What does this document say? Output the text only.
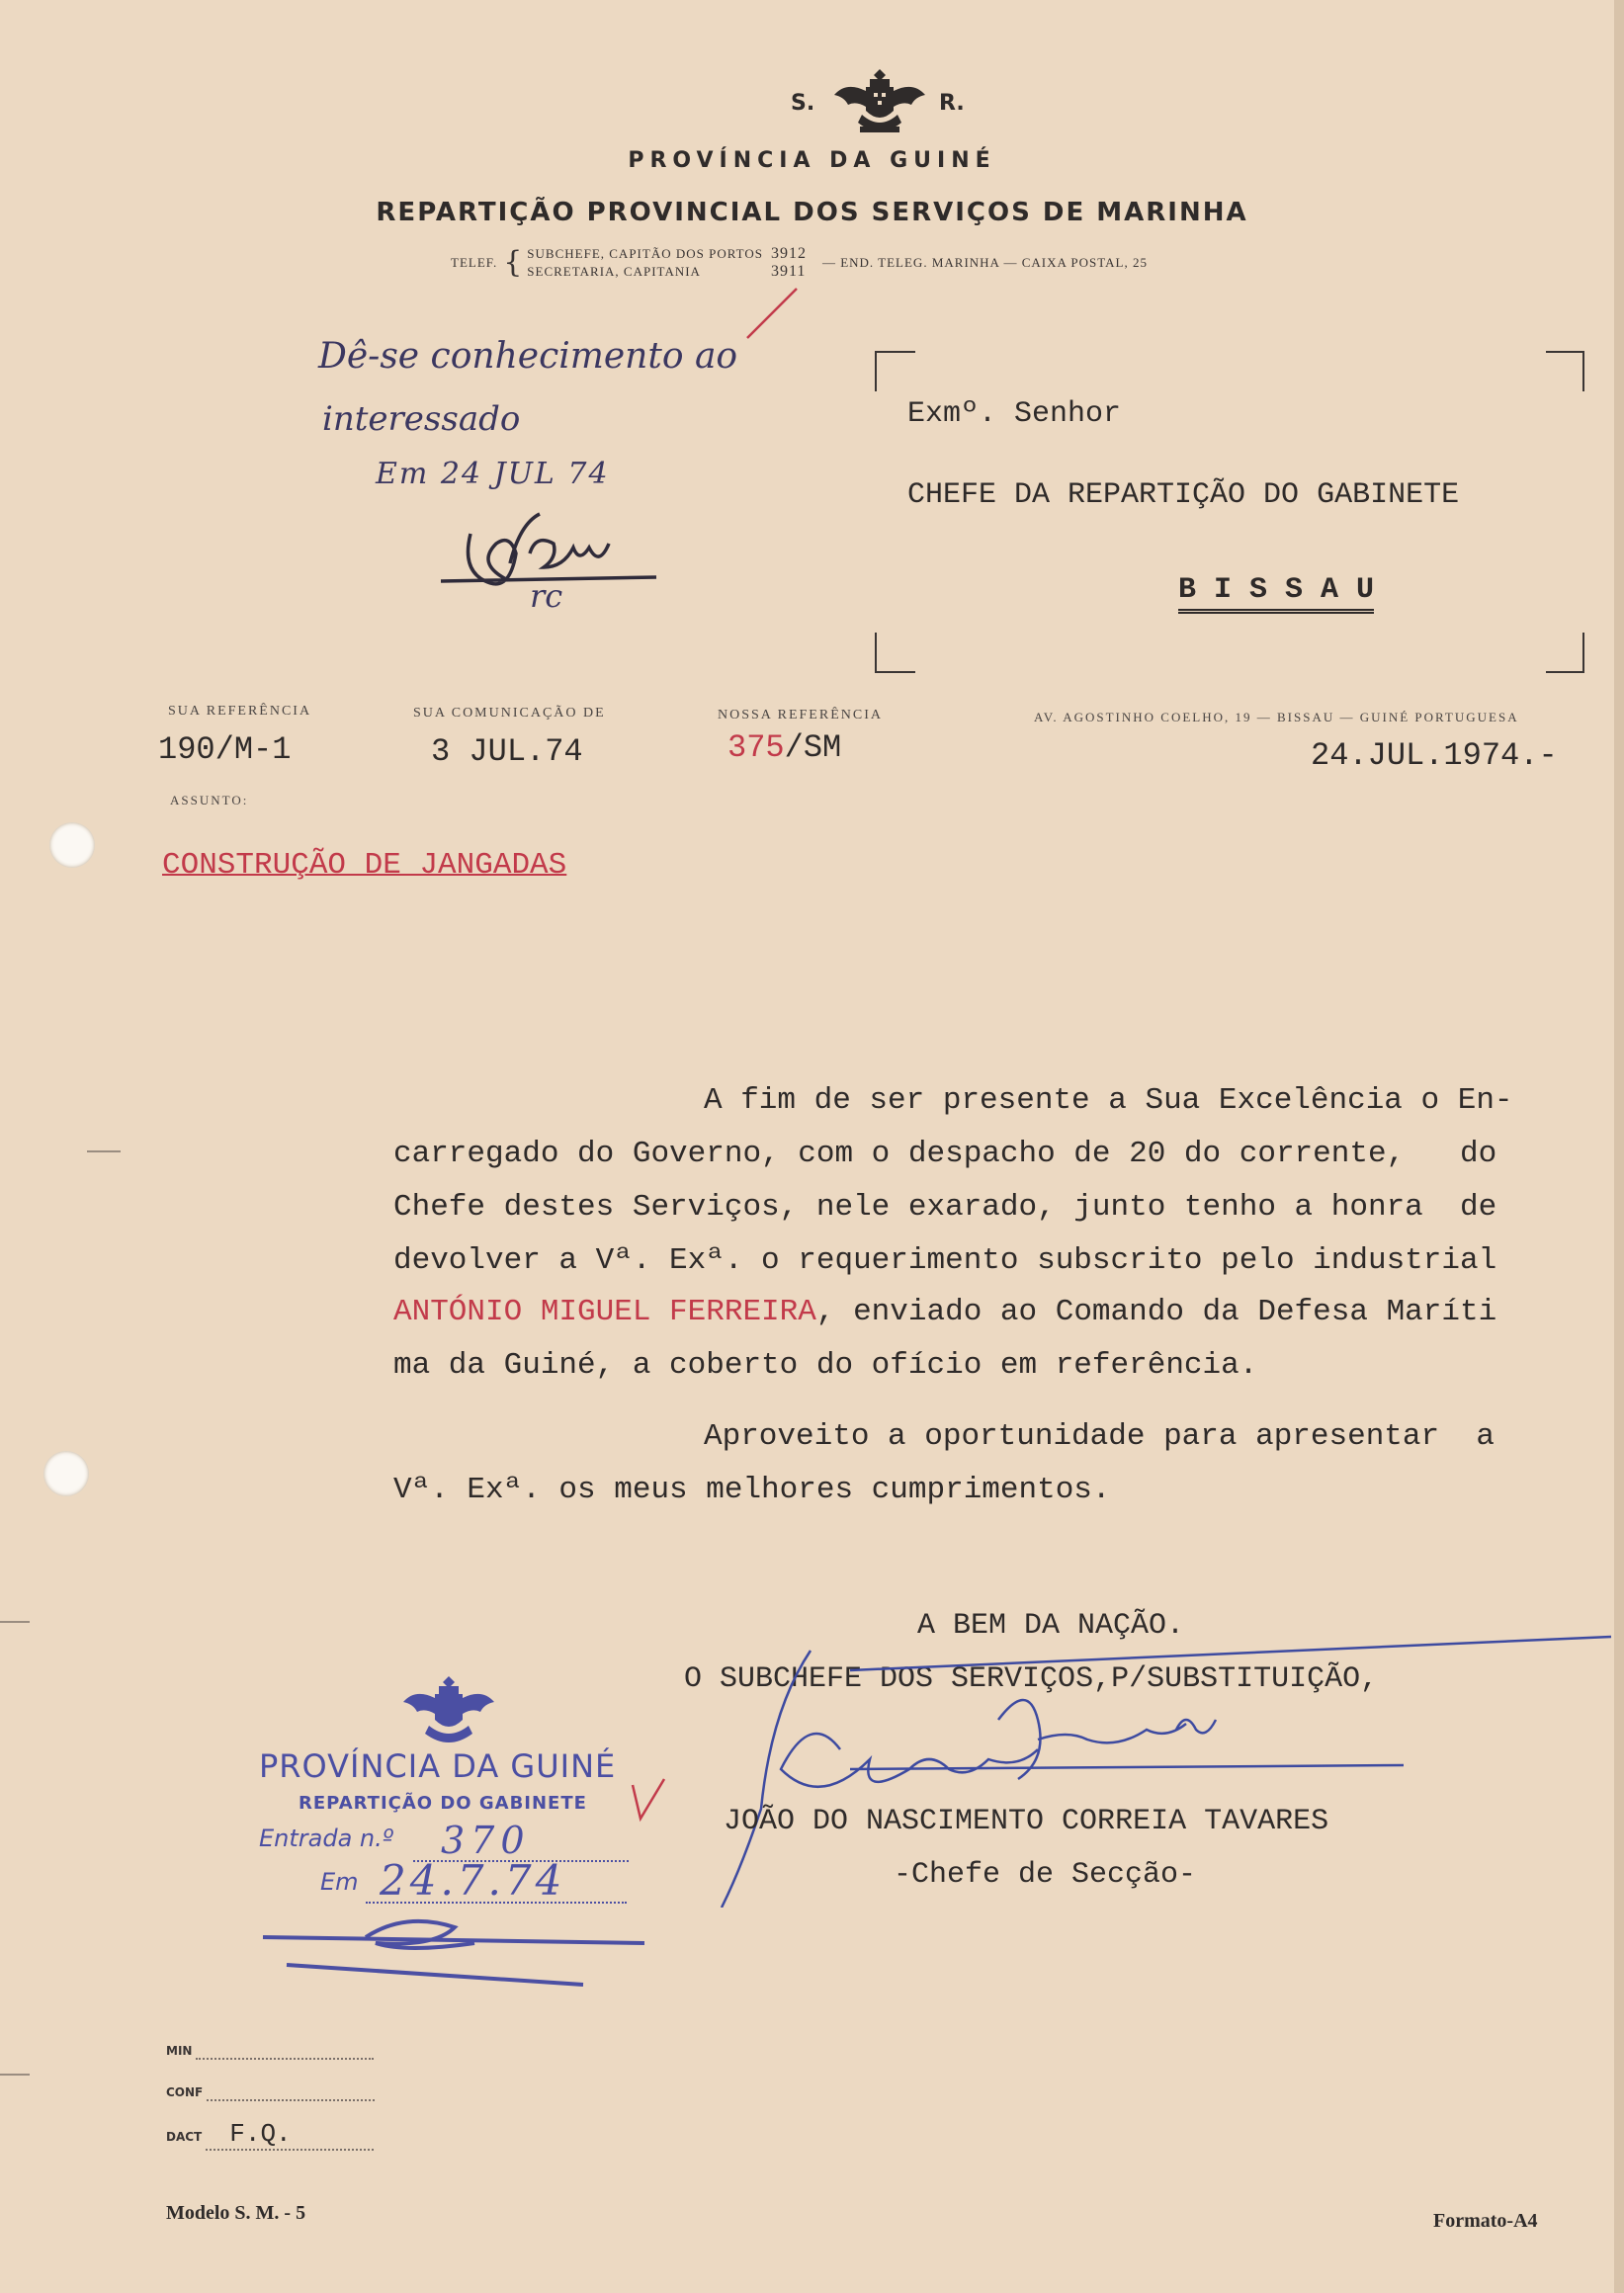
S.	R.
PROVÍNCIA DA GUINÉ
REPARTIÇÃO PROVINCIAL DOS SERVIÇOS DE MARINHA
TELEF.	{	SUBCHEFE, CAPITÃO DOS PORTOS	3912	— END. TELEG. MARINHA — CAIXA POSTAL, 25
		SECRETARIA, CAPITANIA	3911	
Dê-se conhecimento ao
interessado
Em 24 JUL 74
rc
Exmº. Senhor
CHEFE DA REPARTIÇÃO DO GABINETE
B I S S A U
SUA REFERÊNCIA
190/M-1
SUA COMUNICAÇÃO DE
3 JUL.74
NOSSA REFERÊNCIA
375/SM
AV. AGOSTINHO COELHO, 19 — BISSAU — GUINÉ PORTUGUESA
24.JUL.1974.-
ASSUNTO:
CONSTRUÇÃO DE JANGADAS
A fim de ser presente a Sua Excelência o En-
carregado do Governo, com o despacho de 20 do corrente,   do
Chefe destes Serviços, nele exarado, junto tenho a honra  de
devolver a Vª. Exª. o requerimento subscrito pelo industrial
ANTÓNIO MIGUEL FERREIRA, enviado ao Comando da Defesa Maríti
ma da Guiné, a coberto do ofício em referência.
Aproveito a oportunidade para apresentar  a
Vª. Exª. os meus melhores cumprimentos.
A BEM DA NAÇÃO.
O SUBCHEFE DOS SERVIÇOS,P/SUBSTITUIÇÃO,
JOÃO DO NASCIMENTO CORREIA TAVARES
-Chefe de Secção-
PROVÍNCIA DA GUINÉ
REPARTIÇÃO DO GABINETE
Entrada n.º 370
Em 24.7.74
MIN
CONF
DACT F.Q.
Modelo S. M. - 5	Formato-A4
